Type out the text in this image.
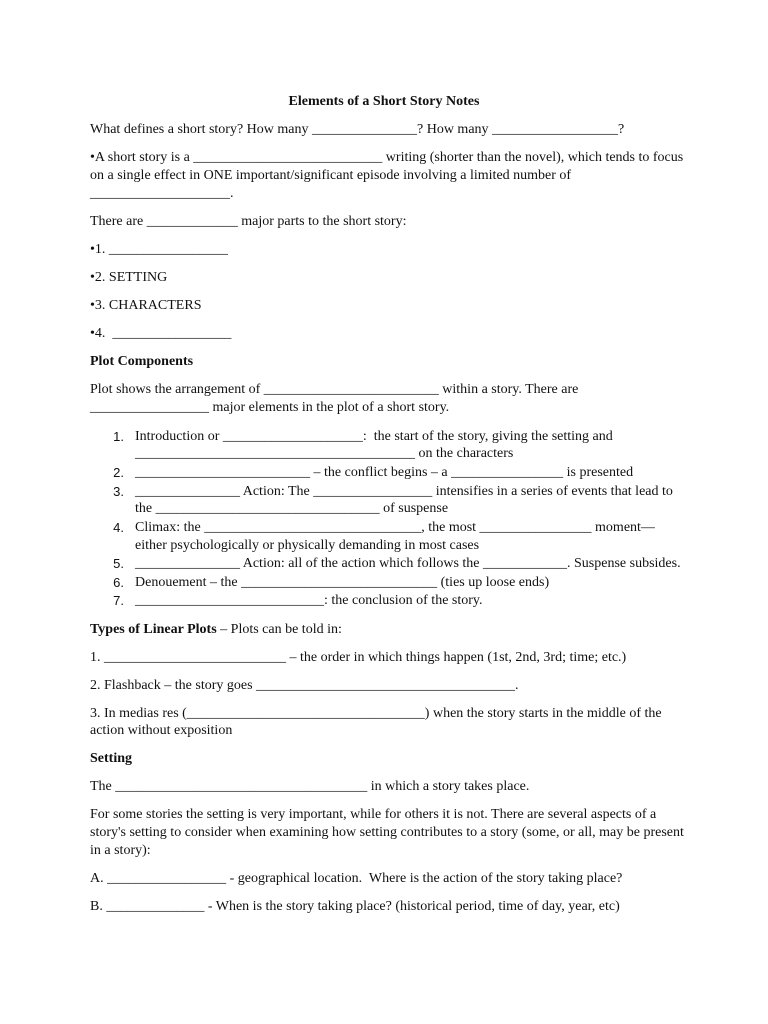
Elements of a Short Story Notes
What defines a short story? How many _______________? How many __________________?
•A short story is a ___________________________ writing (shorter than the novel), which tends to focus
on a single effect in ONE important/significant episode involving a limited number of
____________________.
There are _____________ major parts to the short story:
•1. _________________
•2. SETTING
•3. CHARACTERS
•4.  _________________
Plot Components
Plot shows the arrangement of _________________________ within a story. There are
_________________ major elements in the plot of a short story.
1. Introduction or ____________________:  the start of the story, giving the setting and
________________________________________ on the characters
2. _________________________ – the conflict begins – a ________________ is presented
3. _______________ Action: The _________________ intensifies in a series of events that lead to
the ________________________________ of suspense
4. Climax: the _______________________________, the most ________________ moment—
either psychologically or physically demanding in most cases
5. _______________ Action: all of the action which follows the ____________. Suspense subsides.
6. Denouement – the ____________________________ (ties up loose ends)
7. ___________________________: the conclusion of the story.
Types of Linear Plots – Plots can be told in:
1. __________________________ – the order in which things happen (1st, 2nd, 3rd; time; etc.)
2. Flashback – the story goes _____________________________________.
3. In medias res (__________________________________) when the story starts in the middle of the
action without exposition
Setting
The ____________________________________ in which a story takes place.
For some stories the setting is very important, while for others it is not. There are several aspects of a
story's setting to consider when examining how setting contributes to a story (some, or all, may be present
in a story):
A. _________________ - geographical location.  Where is the action of the story taking place?
B. ______________ - When is the story taking place? (historical period, time of day, year, etc)
